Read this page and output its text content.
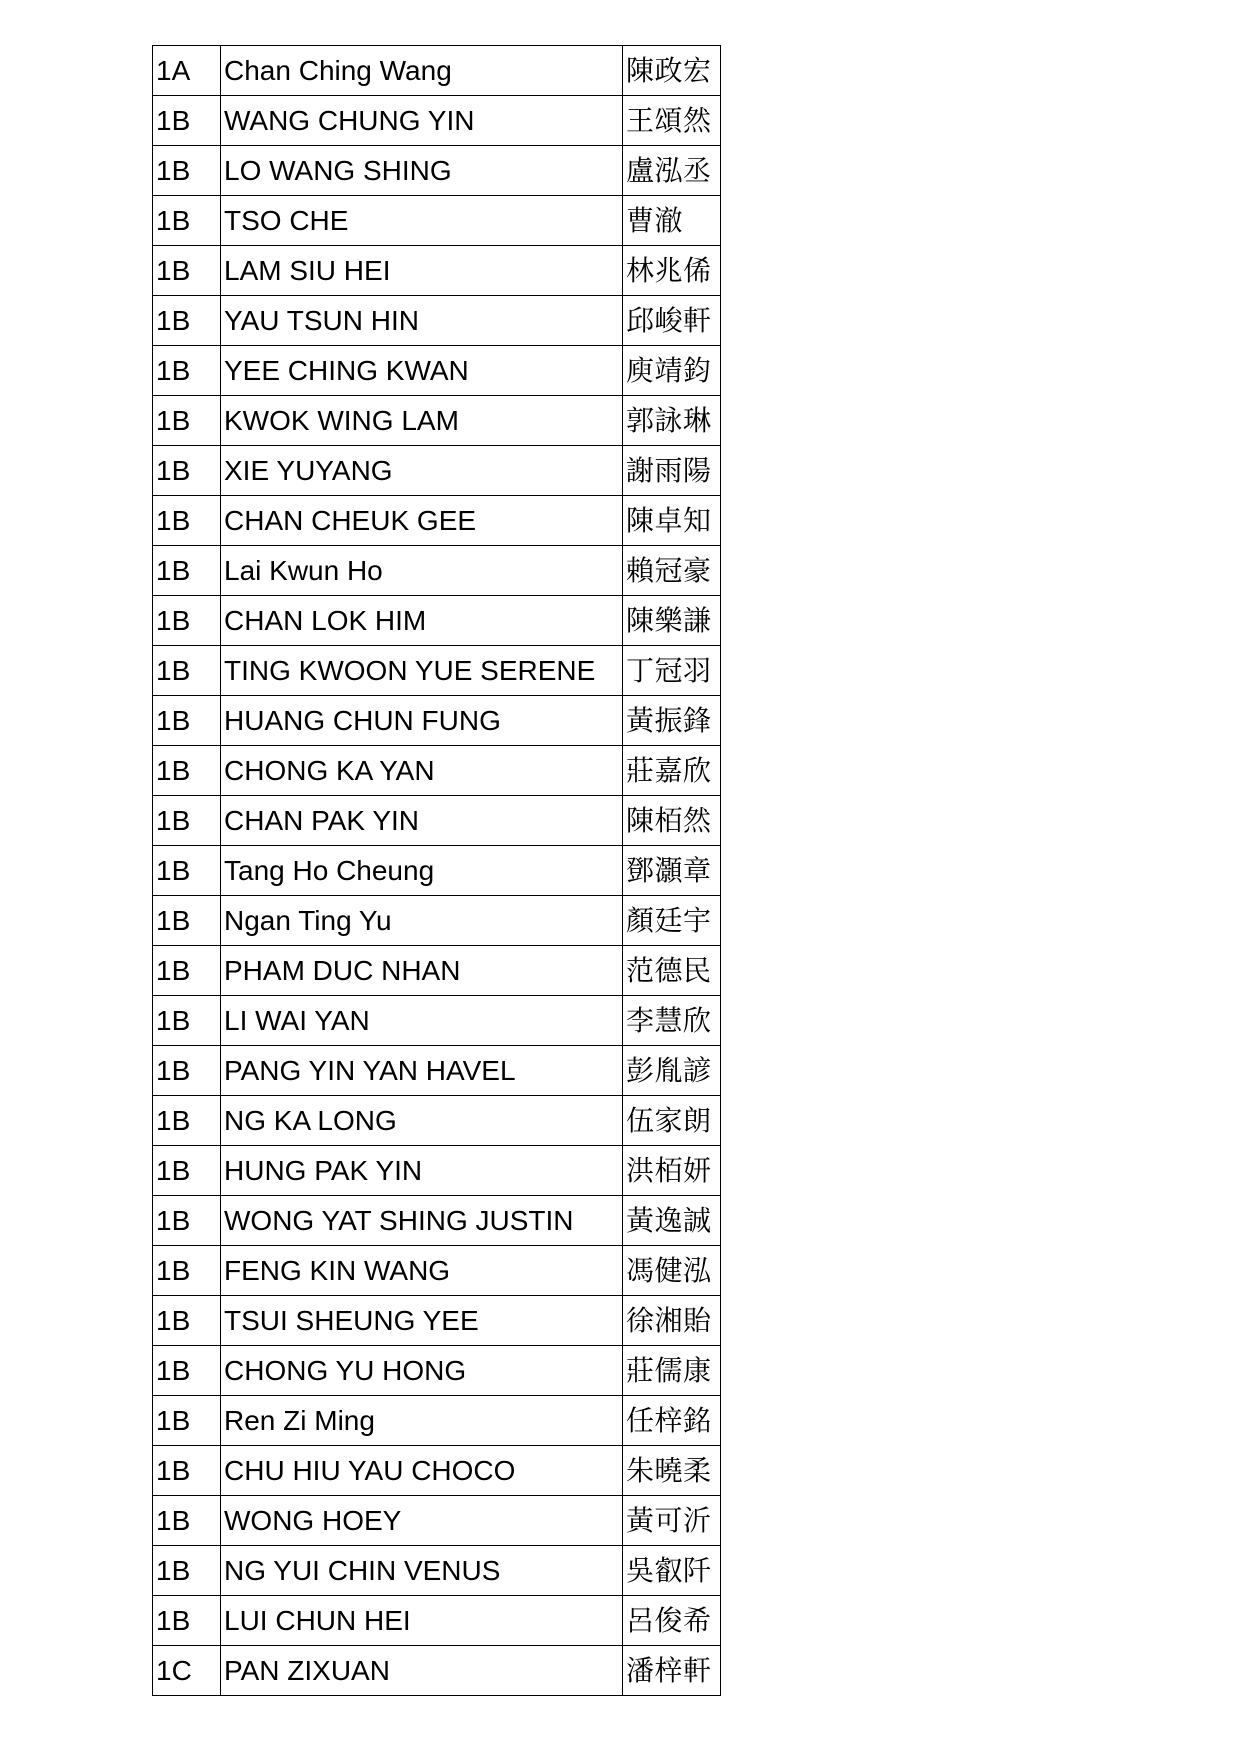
1A	Chan Ching Wang	陳政宏
1B	WANG CHUNG YIN	王頌然
1B	LO WANG SHING	盧泓丞
1B	TSO CHE	曹澈
1B	LAM SIU HEI	林兆俙
1B	YAU TSUN HIN	邱峻軒
1B	YEE CHING KWAN	庾靖鈞
1B	KWOK WING LAM	郭詠琳
1B	XIE YUYANG	謝雨陽
1B	CHAN CHEUK GEE	陳卓知
1B	Lai Kwun Ho	賴冠豪
1B	CHAN LOK HIM	陳樂謙
1B	TING KWOON YUE SERENE	丁冠羽
1B	HUANG CHUN FUNG	黃振鋒
1B	CHONG KA YAN	莊嘉欣
1B	CHAN PAK YIN	陳栢然
1B	Tang Ho Cheung	鄧灝章
1B	Ngan Ting Yu	顏廷宇
1B	PHAM DUC NHAN	范德民
1B	LI WAI YAN	李慧欣
1B	PANG YIN YAN HAVEL	彭胤諺
1B	NG KA LONG	伍家朗
1B	HUNG PAK YIN	洪栢妍
1B	WONG YAT SHING JUSTIN	黃逸誠
1B	FENG KIN WANG	馮健泓
1B	TSUI SHEUNG YEE	徐湘貽
1B	CHONG YU HONG	莊儒康
1B	Ren Zi Ming	任梓銘
1B	CHU HIU YAU CHOCO	朱曉柔
1B	WONG HOEY	黃可沂
1B	NG YUI CHIN VENUS	吳叡阡
1B	LUI CHUN HEI	呂俊希
1C	PAN ZIXUAN	潘梓軒
